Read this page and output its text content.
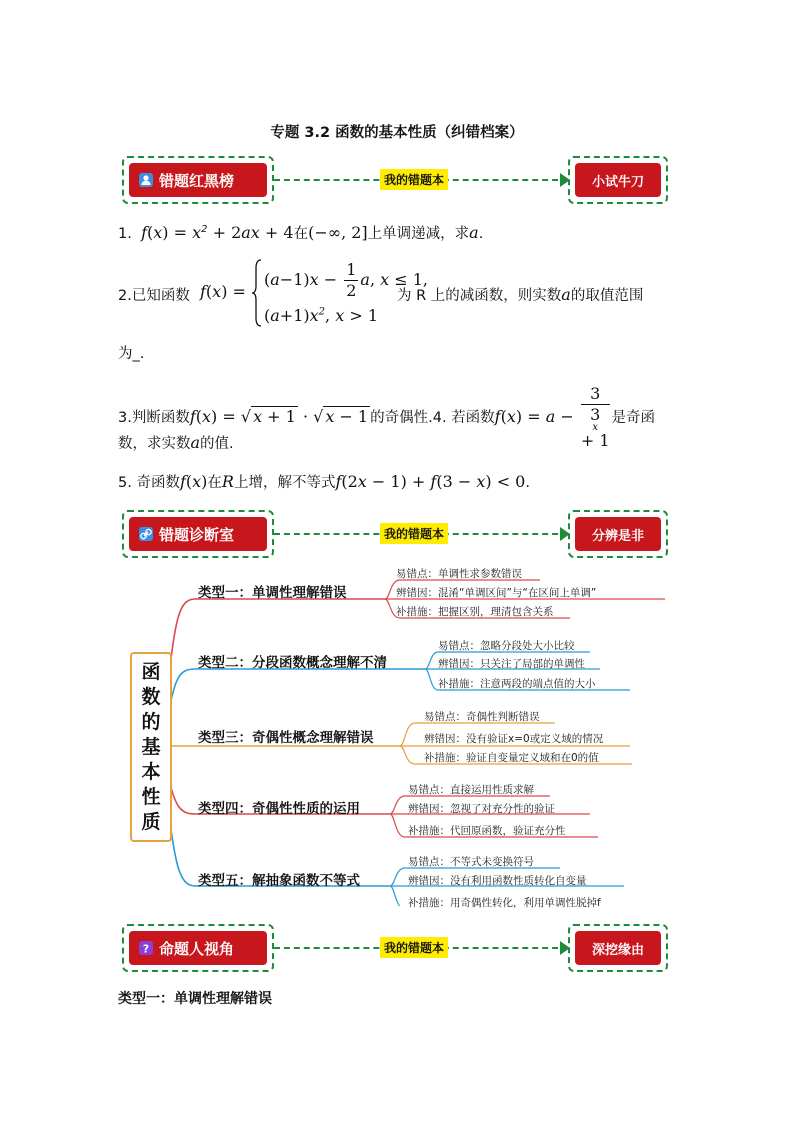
专题 3.2 函数的基本性质（纠错档案）
错题红黑榜	我的错题本	小试牛刀
1. $f(x) = x^2 + 2ax + 4$在(−∞, 2]上单调递减，求a.
2.已知函数 f(x) =
$(a-1)x - \frac{1}{2} a$, x ≤ 1,
$(a+1)x^2$, x > 1
为 R 上的减函数，则实数a的取值范围
为_.
3.判断函数f(x) = √ x + 1 · √ x − 1 的奇偶性.4. 若函数f(x) = a − 3
3
x
+ 1 是奇函
数，求实数a的值.
5. 奇函数f(x)在R上增，解不等式f(2x − 1) + f(3 − x) < 0.
错题诊断室	我的错题本	分辨是非
函
数
的
基
本
性
质
类型一：单调性理解错误
易错点：单调性求参数错误
辨错因：混淆“单调区间”与“在区间上单调”
补措施：把握区别，理清包含关系
类型二：分段函数概念理解不清
易错点：忽略分段处大小比较
辨错因：只关注了局部的单调性
补措施：注意两段的端点值的大小
类型三：奇偶性概念理解错误
易错点：奇偶性判断错误
辨错因：没有验证x=0或定义域的情况
补措施：验证自变量定义域和在0的值
类型四：奇偶性性质的运用
易错点：直接运用性质求解
辨错因：忽视了对充分性的验证
补措施：代回原函数，验证充分性
类型五：解抽象函数不等式
易错点：不等式未变换符号
辨错因：没有利用函数性质转化自变量
补措施：用奇偶性转化，利用单调性脱掉f
? 命题人视角	我的错题本	深挖缘由
类型一：单调性理解错误
